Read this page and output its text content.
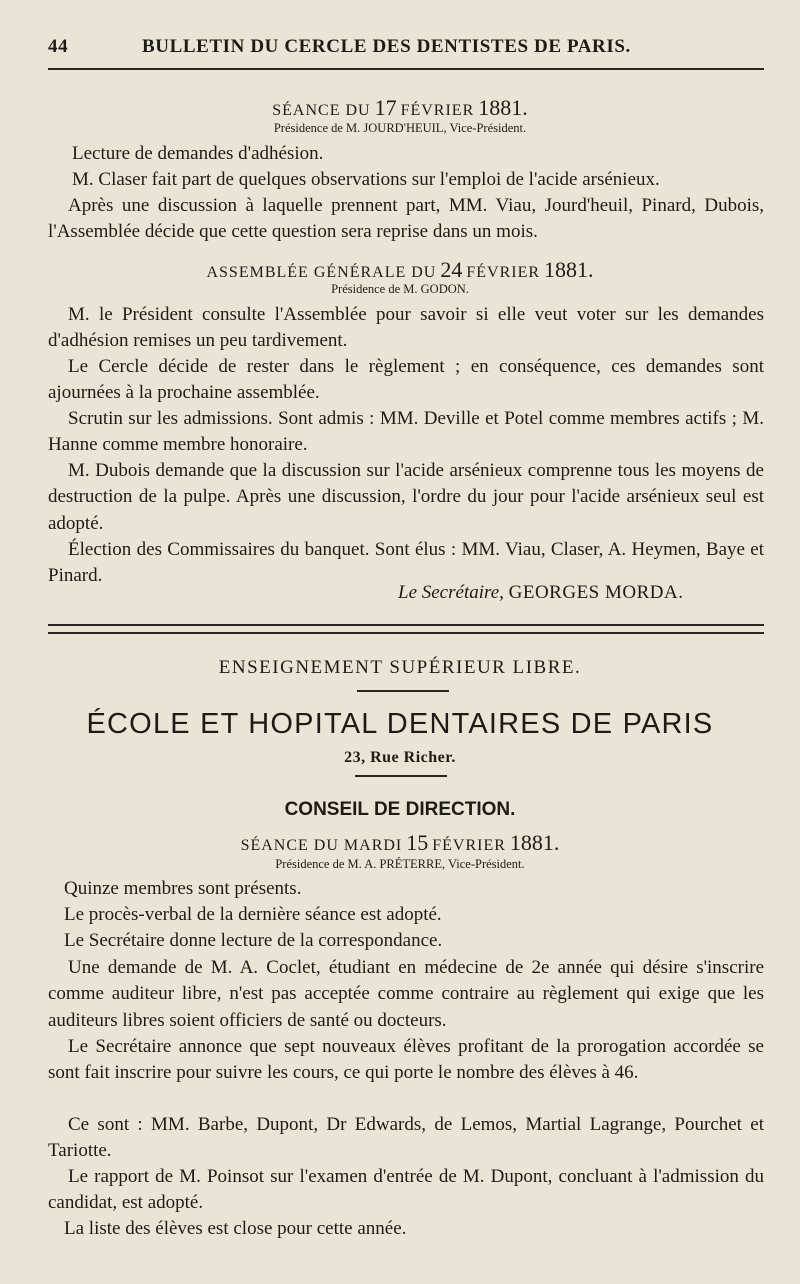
44	BULLETIN DU CERCLE DES DENTISTES DE PARIS.
SÉANCE DU 17 FÉVRIER 1881.
Présidence de M. JOURD'HEUIL, Vice-Président.
Lecture de demandes d'adhésion.
M. Claser fait part de quelques observations sur l'emploi de l'acide arsénieux.
Après une discussion à laquelle prennent part, MM. Viau, Jourd'heuil, Pinard, Dubois, l'Assemblée décide que cette question sera reprise dans un mois.
ASSEMBLÉE GÉNÉRALE DU 24 FÉVRIER 1881.
Présidence de M. GODON.
M. le Président consulte l'Assemblée pour savoir si elle veut voter sur les demandes d'adhésion remises un peu tardivement.
Le Cercle décide de rester dans le règlement ; en conséquence, ces demandes sont ajournées à la prochaine assemblée.
Scrutin sur les admissions. Sont admis : MM. Deville et Potel comme membres actifs ; M. Hanne comme membre honoraire.
M. Dubois demande que la discussion sur l'acide arsénieux comprenne tous les moyens de destruction de la pulpe. Après une discussion, l'ordre du jour pour l'acide arsénieux seul est adopté.
Élection des Commissaires du banquet. Sont élus : MM. Viau, Claser, A. Heymen, Baye et Pinard.
Le Secrétaire, GEORGES MORDA.
ENSEIGNEMENT SUPÉRIEUR LIBRE.
ÉCOLE ET HOPITAL DENTAIRES DE PARIS
23, Rue Richer.
CONSEIL DE DIRECTION.
SÉANCE DU MARDI 15 FÉVRIER 1881.
Présidence de M. A. PRÉTERRE, Vice-Président.
Quinze membres sont présents.
Le procès-verbal de la dernière séance est adopté.
Le Secrétaire donne lecture de la correspondance.
Une demande de M. A. Coclet, étudiant en médecine de 2e année qui désire s'inscrire comme auditeur libre, n'est pas acceptée comme contraire au règlement qui exige que les auditeurs libres soient officiers de santé ou docteurs.
Le Secrétaire annonce que sept nouveaux élèves profitant de la prorogation accordée se sont fait inscrire pour suivre les cours, ce qui porte le nombre des élèves à 46.
Ce sont : MM. Barbe, Dupont, Dr Edwards, de Lemos, Martial Lagrange, Pourchet et Tariotte.
Le rapport de M. Poinsot sur l'examen d'entrée de M. Dupont, concluant à l'admission du candidat, est adopté.
La liste des élèves est close pour cette année.
